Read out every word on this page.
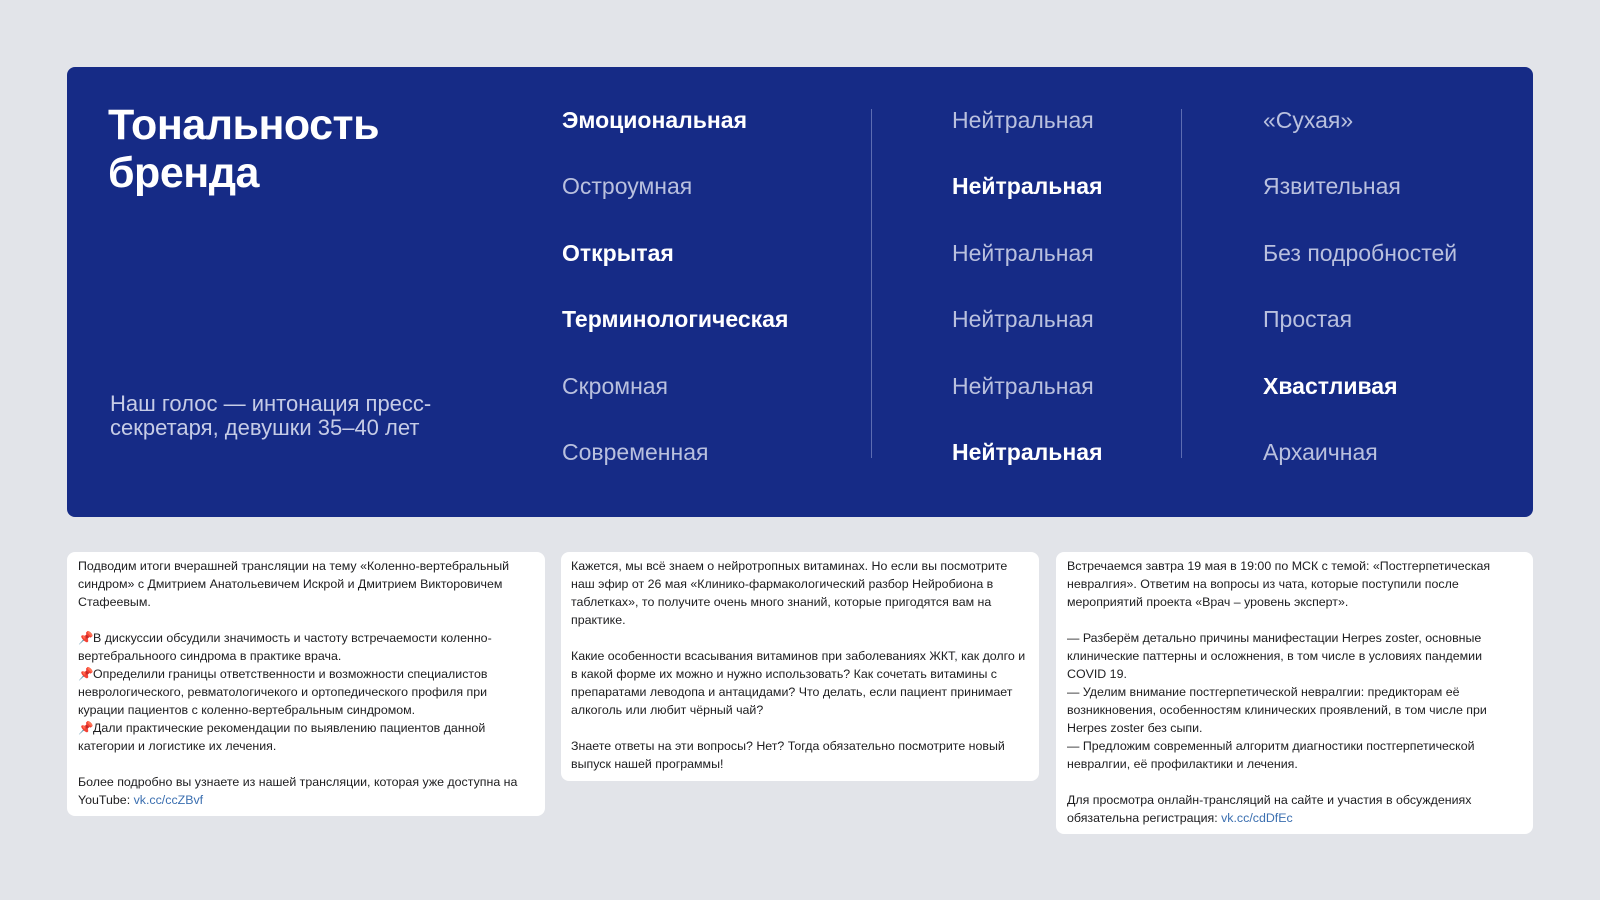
Тональность
бренда
Наш голос — интонация пресс-секретаря, девушки 35–40 лет
Эмоциональная
Остроумная
Открытая
Терминологическая
Скромная
Современная
Нейтральная
Нейтральная
Нейтральная
Нейтральная
Нейтральная
Нейтральная
«Сухая»
Язвительная
Без подробностей
Простая
Хвастливая
Архаичная

Подводим итоги вчерашней трансляции на тему «Коленно-вертебральный синдром» с Дмитрием Анатольевичем Искрой и Дмитрием Викторовичем Стафеевым.

📌В дискуссии обсудили значимость и частоту встречаемости коленно-вертебральнoого синдрома в практике врача.

📌Определили границы ответственности и возможности специалистов неврологического, ревматологичекого и ортопедического профиля при курации пациентов с коленно-вертебральным синдромом.

📌Дали практические рекомендации по выявлению пациентов данной категории и логистике их лечения.

Более подробно вы узнаете из нашей трансляции, которая уже доступна на YouTube: vk.cc/ccZBvf

Кажется, мы всё знаем о нейротропных витаминах. Но если вы посмотрите наш эфир от 26 мая «Клинико-фармакологический разбор Нейробиона в таблетках», то получите очень много знаний, которые пригодятся вам на практике.

Какие особенности всасывания витаминов при заболеваниях ЖКТ, как долго и в какой форме их можно и нужно использовать? Как сочетать витамины с препаратами леводопа и антацидами? Что делать, если пациент принимает алкоголь или любит чёрный чай?

Знаете ответы на эти вопросы? Нет? Тогда обязательно посмотрите новый выпуск нашей программы!

Встречаемся завтра 19 мая в 19:00 по МСК с темой: «Постгерпетическая невралгия». Ответим на вопросы из чата, которые поступили после мероприятий проекта «Врач – уровень эксперт».

— Разберём детально причины манифестации Herpes zoster, основные клинические паттерны и осложнения, в том числе в условиях пандемии COVID 19.

— Уделим внимание постгерпетической невралгии: предикторам её возникновения, особенностям клинических проявлений, в том числе при Herpes zoster без сыпи.

— Предложим современный алгоритм диагностики постгерпетической невралгии, её профилактики и лечения.

Для просмотра онлайн-трансляций на сайте и участия в обсуждениях обязательна регистрация: vk.cc/cdDfEc
